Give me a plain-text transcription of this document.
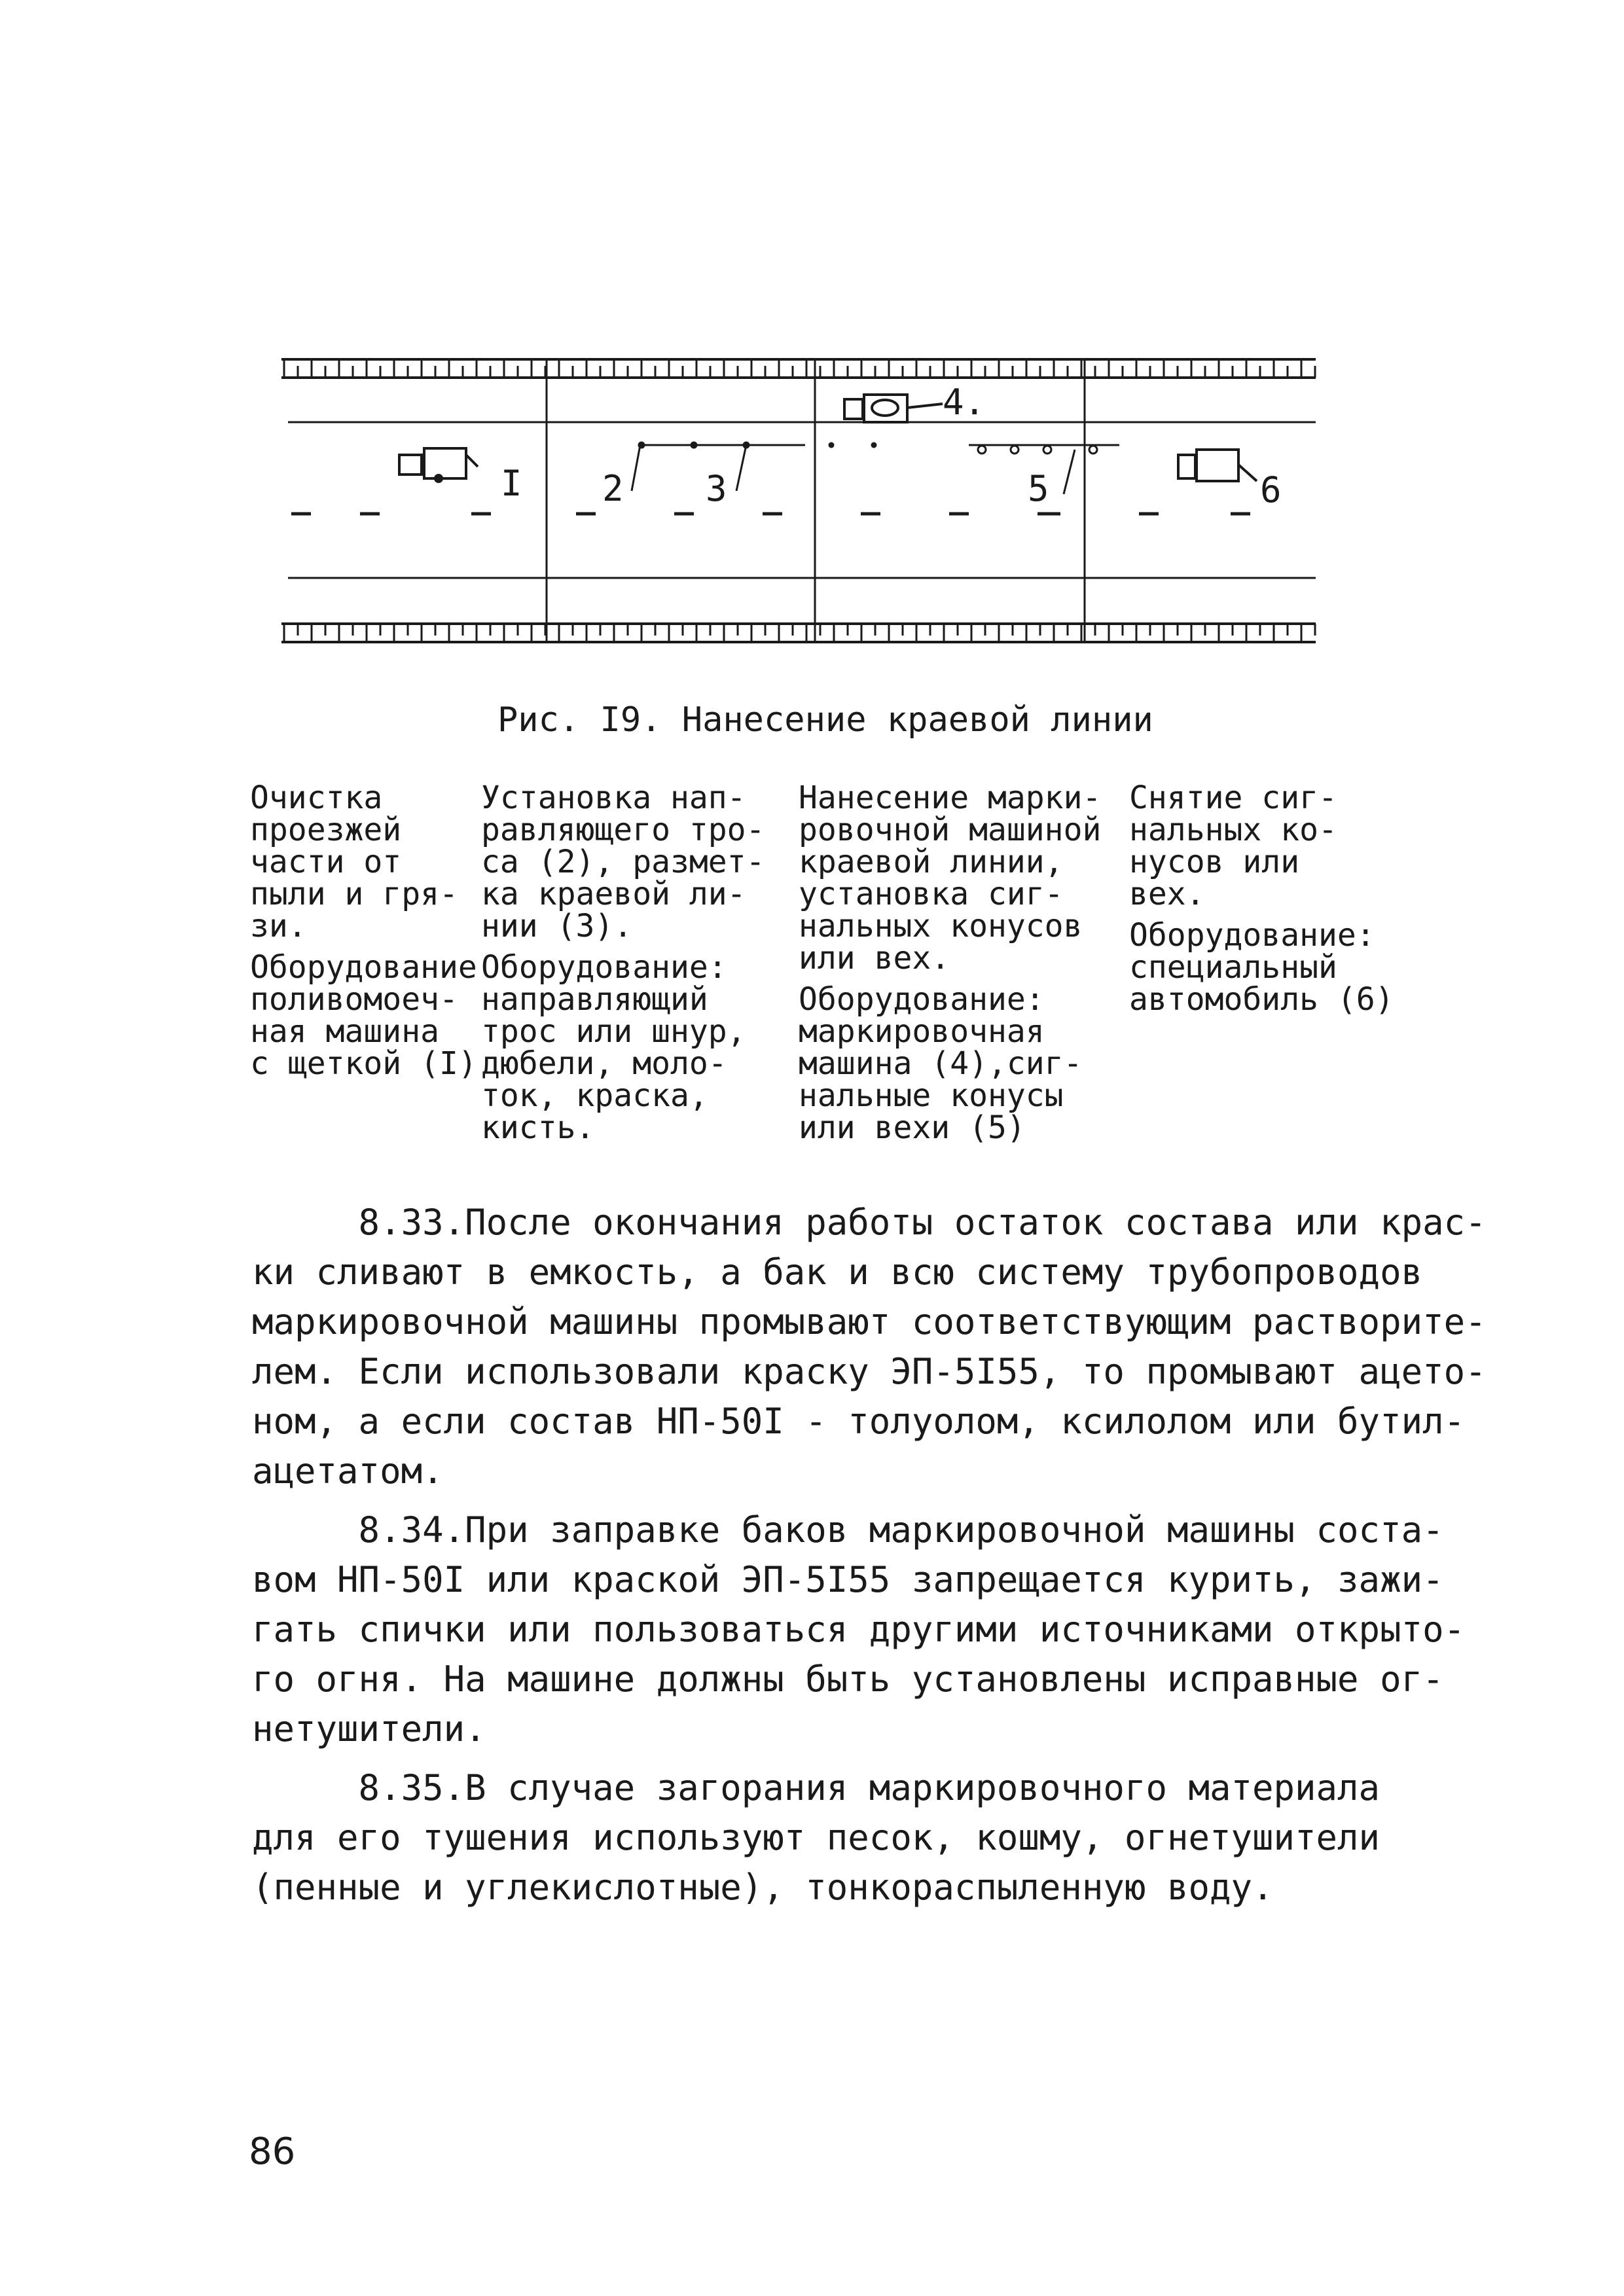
I 2 3
4.
5	6
Рис. I9. Нанесение краевой линии
Очистка
проезжей
части от
пыли и гря-
зи.
Оборудование
поливомоеч-
ная машина
с щеткой (I)
Установка нап-
равляющего тро-
са (2), размет-
ка краевой ли-
нии (3).
Оборудование:
направляющий
трос или шнур,
дюбели, моло-
ток, краска,
кисть.
Нанесение марки-
ровочной машиной
краевой линии,
установка сиг-
нальных конусов
или вех.
Оборудование:
маркировочная
машина (4),сиг-
нальные конусы
или вехи (5)
Снятие сиг-
нальных ко-
нусов или
вех.
Оборудование:
специальный
автомобиль (6)

8.33.После окончания работы остаток состава или крас-
ки сливают в емкость, а бак и всю систему трубопроводов
маркировочной машины промывают соответствующим растворите-
лем. Если использовали краску ЭП-5I55, то промывают ацето-
ном, а если состав НП-50I - толуолом, ксилолом или бутил-
ацетатом.

8.34.При заправке баков маркировочной машины соста-
вом НП-50I или краской ЭП-5I55 запрещается курить, зажи-
гать спички или пользоваться другими источниками открыто-
го огня. На машине должны быть установлены исправные ог-
нетушители.

8.35.В случае загорания маркировочного материала
для его тушения используют песок, кошму, огнетушители
(пенные и углекислотные), тонкораспыленную воду.

86
